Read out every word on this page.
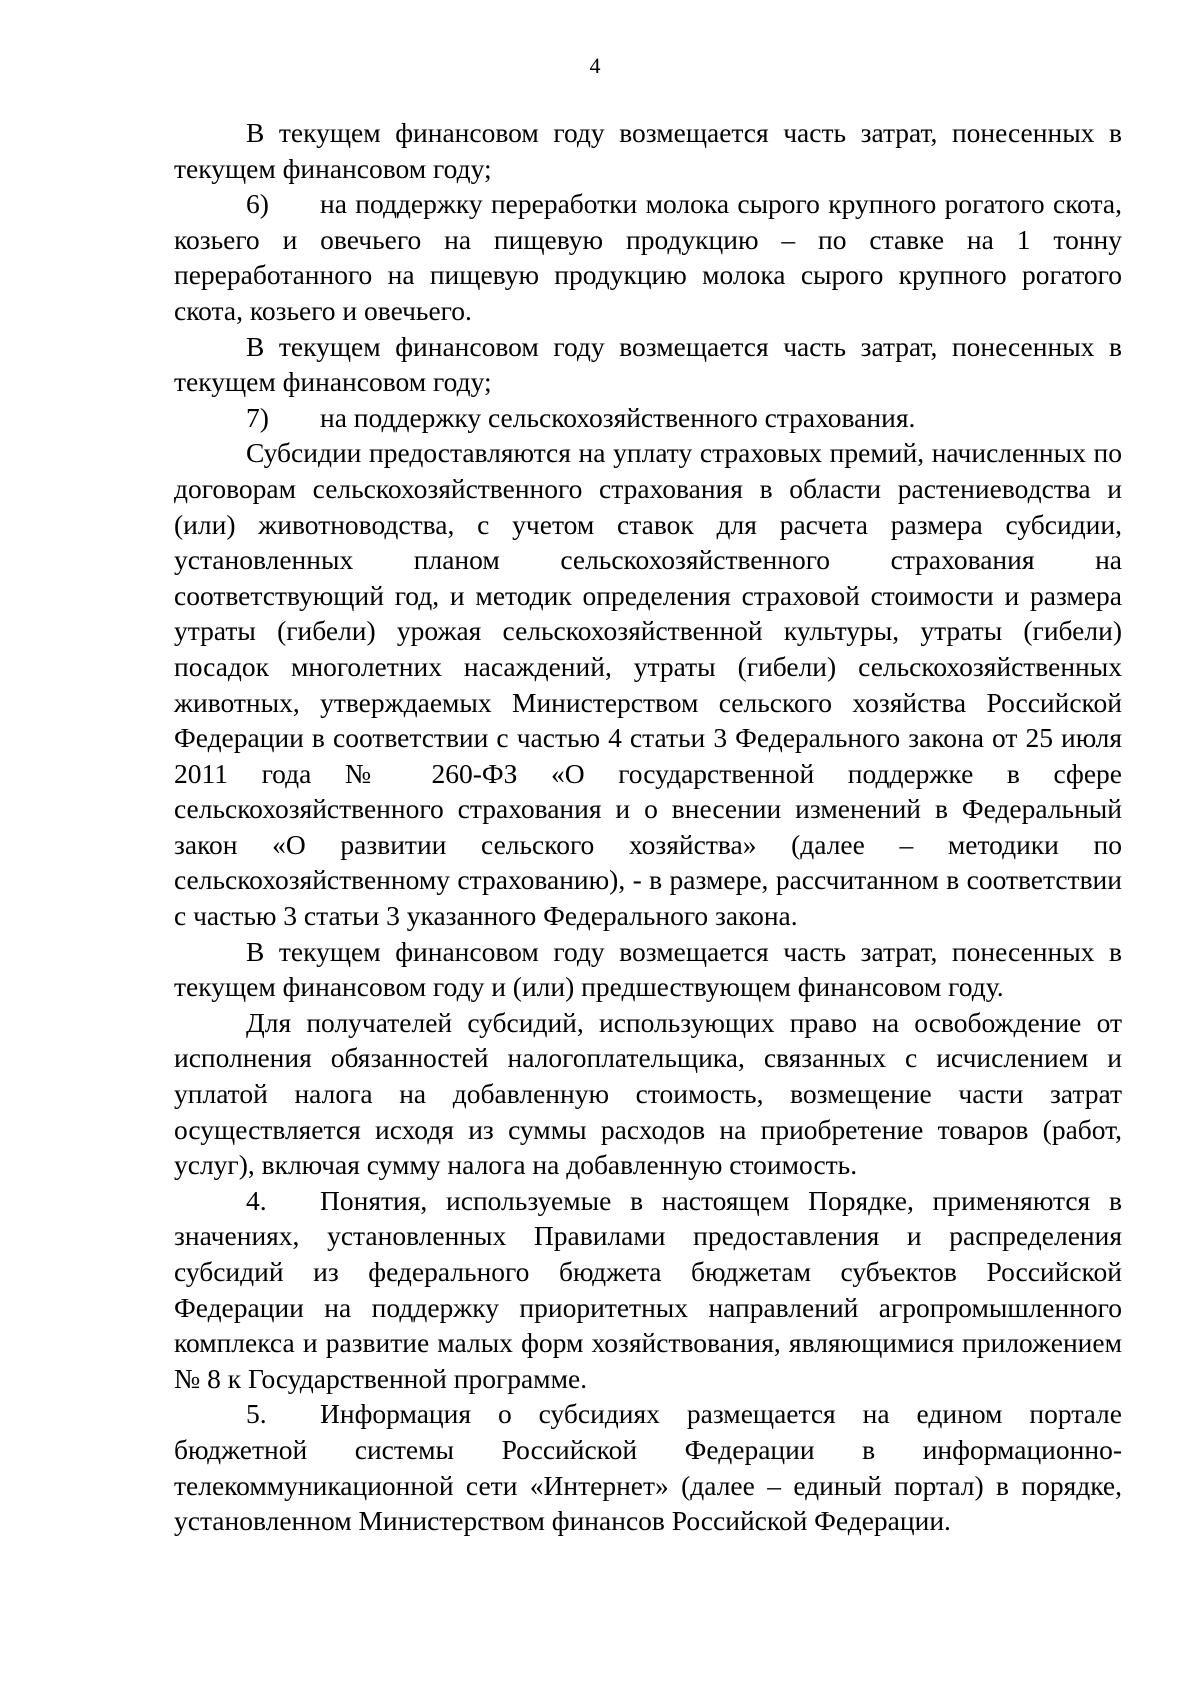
4

В текущем финансовом году возмещается часть затрат, понесенных в текущем финансовом году;

6) на поддержку переработки молока сырого крупного рогатого скота, козьего и овечьего на пищевую продукцию – по ставке на 1 тонну переработанного на пищевую продукцию молока сырого крупного рогатого скота, козьего и овечьего.

В текущем финансовом году возмещается часть затрат, понесенных в текущем финансовом году;

7) на поддержку сельскохозяйственного страхования.

Субсидии предоставляются на уплату страховых премий, начисленных по договорам сельскохозяйственного страхования в области растениеводства и (или) животноводства, с учетом ставок для расчета размера субсидии, установленных планом сельскохозяйственного страхования на соответствующий год, и методик определения страховой стоимости и размера утраты (гибели) урожая сельскохозяйственной культуры, утраты (гибели) посадок многолетних насаждений, утраты (гибели) сельскохозяйственных животных, утверждаемых Министерством сельского хозяйства Российской Федерации в соответствии с частью 4 статьи 3 Федерального закона от 25 июля 2011 года № 260-ФЗ «О государственной поддержке в сфере сельскохозяйственного страхования и о внесении изменений в Федеральный закон «О развитии сельского хозяйства» (далее – методики по сельскохозяйственному страхованию), - в размере, рассчитанном в соответствии с частью 3 статьи 3 указанного Федерального закона.

В текущем финансовом году возмещается часть затрат, понесенных в текущем финансовом году и (или) предшествующем финансовом году.

Для получателей субсидий, использующих право на освобождение от исполнения обязанностей налогоплательщика, связанных с исчислением и уплатой налога на добавленную стоимость, возмещение части затрат осуществляется исходя из суммы расходов на приобретение товаров (работ, услуг), включая сумму налога на добавленную стоимость.

4. Понятия, используемые в настоящем Порядке, применяются в значениях, установленных Правилами предоставления и распределения субсидий из федерального бюджета бюджетам субъектов Российской Федерации на поддержку приоритетных направлений агропромышленного комплекса и развитие малых форм хозяйствования, являющимися приложением № 8 к Государственной программе.

5. Информация о субсидиях размещается на едином портале бюджетной системы Российской Федерации в информационно-телекоммуникационной сети «Интернет» (далее – единый портал) в порядке, установленном Министерством финансов Российской Федерации.
